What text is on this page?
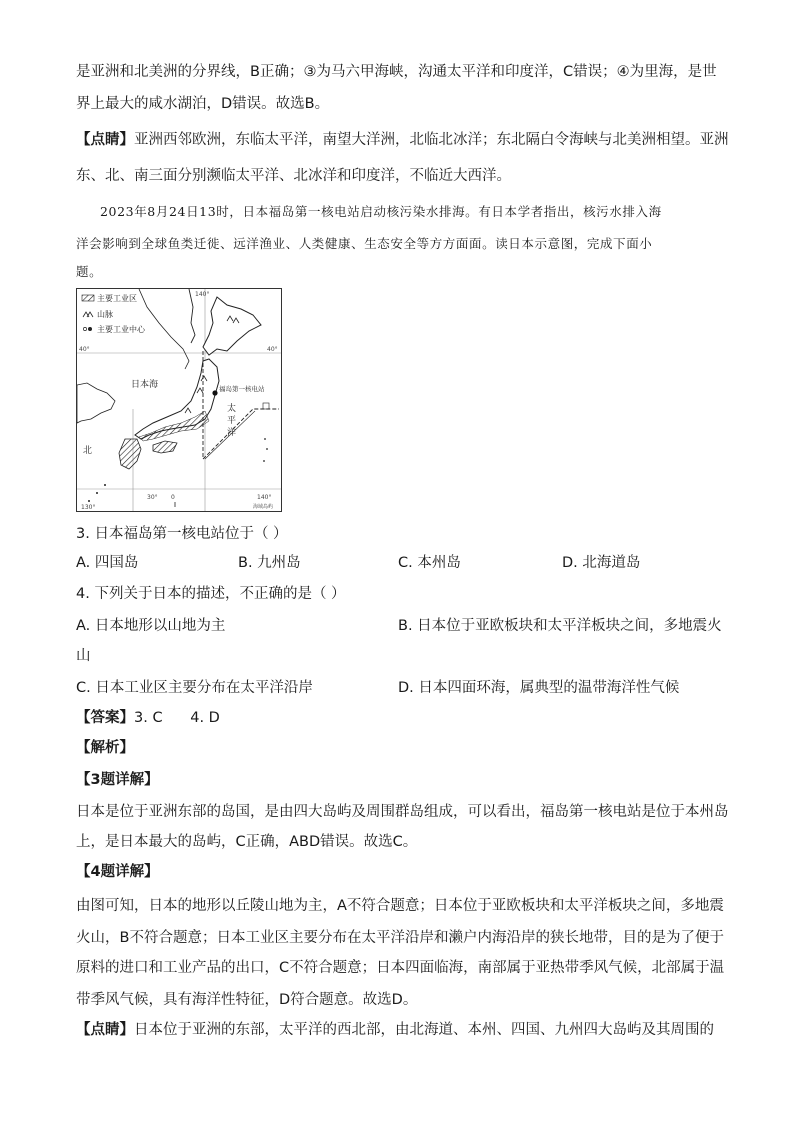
是亚洲和北美洲的分界线，B正确；③为马六甲海峡，沟通太平洋和印度洋，C错误；④为里海，是世
界上最大的咸水湖泊，D错误。故选B。
【点睛】亚洲西邻欧洲，东临太平洋，南望大洋洲，北临北冰洋；东北隔白令海峡与北美洲相望。亚洲
东、北、南三面分别濒临太平洋、北冰洋和印度洋，不临近大西洋。
2023年8月24日13时，日本福岛第一核电站启动核污染水排海。有日本学者指出，核污水排入海
洋会影响到全球鱼类迁徙、远洋渔业、人类健康、生态安全等方方面面。读日本示意图，完成下面小
题。
主要工业区
山脉
主要工业中心
福岛第一核电站
日本海
太
平
洋
北
140°
40°
40°
30°
130°
140°
0
海域岛屿
3. 日本福岛第一核电站位于（ ）
A. 四国岛	B. 九州岛	C. 本州岛	D. 北海道岛
4. 下列关于日本的描述，不正确的是（ ）
A. 日本地形以山地为主	B. 日本位于亚欧板块和太平洋板块之间，多地震火
山
C. 日本工业区主要分布在太平洋沿岸	D. 日本四面环海，属典型的温带海洋性气候
【答案】3. C      4. D
【解析】
【3题详解】
日本是位于亚洲东部的岛国，是由四大岛屿及周围群岛组成，可以看出，福岛第一核电站是位于本州岛
上，是日本最大的岛屿，C正确，ABD错误。故选C。
【4题详解】
由图可知，日本的地形以丘陵山地为主，A不符合题意；日本位于亚欧板块和太平洋板块之间，多地震
火山，B不符合题意；日本工业区主要分布在太平洋沿岸和濑户内海沿岸的狭长地带，目的是为了便于
原料的进口和工业产品的出口，C不符合题意；日本四面临海，南部属于亚热带季风气候，北部属于温
带季风气候，具有海洋性特征，D符合题意。故选D。
【点睛】日本位于亚洲的东部，太平洋的西北部，由北海道、本州、四国、九州四大岛屿及其周围的
